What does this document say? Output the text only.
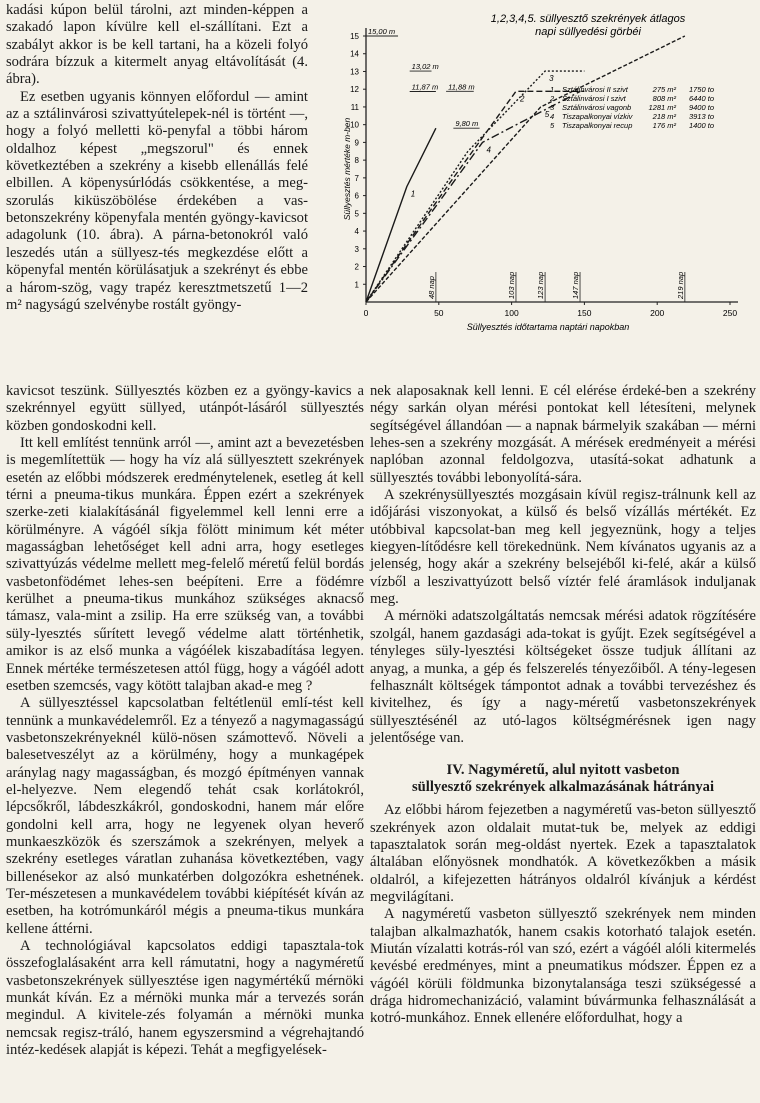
1,2,3,4,5. süllyesztő szekrények átlagos
napi süllyedési görbéi
15
14
13
12
11
10
9
8
7
6
5
4
3
2
1
0	50	100	150	200	250
Süllyesztés mértéke m-ben
Süllyesztés időtartama naptári napokban
15,00 m
13,02 m
11,87 m 11,88 m
9,80 m
1
2
3
4
5
48 nap	103 nap	123 nap	147 nap	219 nap
1 Sztálinvárosi II szivt	275 m² 1750 to
2 Sztálinvárosi I szivt	808 m² 6440 to
3 Sztálinvárosi vagonb 1281 m² 9400 to
4 Tiszapalkonyai vízkiv	218 m² 3913 to
5 Tiszapalkonyai recup	176 m² 1400 to

kadási kúpon belül tárolni, azt minden-képpen a szakadó lapon kívülre kell el-szállítani. Ezt a szabályt akkor is be kell tartani, ha a közeli folyó sodrára bízzuk a kitermelt anyag eltávolítását (4. ábra).

Ez esetben ugyanis könnyen előfordul — amint az a sztálinvárosi szivattyútelepek-nél is történt —, hogy a folyó melletti kö-penyfal a többi három oldalhoz képest „megszorul" és ennek következtében a szekrény a kisebb ellenállás felé elbillen. A köpenysúrlódás csökkentése, a meg-szorulás kiküszöbölése érdekében a vas-betonszekrény köpenyfala mentén gyöngy-kavicsot adagolunk (10. ábra). A párna-betonokról való leszedés után a süllyesz-tés megkezdése előtt a köpenyfal mentén körülásatjuk a szekrényt és ebbe a három-szög, vagy trapéz keresztmetszetű 1—2 m² nagyságú szelvénybe rostált gyöngy-

kavicsot teszünk. Süllyesztés közben ez a gyöngy-kavics a szekrénnyel együtt süllyed, utánpót-lásáról süllyesztés közben gondoskodni kell.

Itt kell említést tennünk arról —, amint azt a bevezetésben is megemlítettük — hogy ha víz alá süllyesztett szekrények esetén az előbbi módszerek eredménytelenek, esetleg át kell térni a pneuma-tikus munkára. Éppen ezért a szekrények szerke-zeti kialakításánál figyelemmel kell lenni erre a körülményre. A vágóél síkja fölött minimum két méter magasságban lehetőséget kell adni arra, hogy esetleges szivattyúzás védelme mellett meg-felelő méretű felül bordás vasbetonfödémet lehes-sen beépíteni. Erre a födémre kerülhet a pneuma-tikus munkához szükséges aknacső támasz, vala-mint a zsilip. Ha erre szükség van, a további süly-lyesztés sűrített levegő védelme alatt történhetik, amikor is az első munka a vágóélek kiszabadítása legyen. Ennek mértéke természetesen attól függ, hogy a vágóél adott esetben szemcsés, vagy kötött talajban akad-e meg ?

A süllyesztéssel kapcsolatban feltétlenül emlí-tést kell tennünk a munkavédelemről. Ez a tényező a nagymagasságú vasbetonszekrényeknél külö-nösen számottevő. Növeli a balesetveszélyt az a körülmény, hogy a munkagépek aránylag nagy magasságban, és mozgó építményen vannak el-helyezve. Nem elegendő tehát csak korlátokról, lépcsőkről, lábdeszkákról, gondoskodni, hanem már előre gondolni kell arra, hogy ne legyenek olyan heverő munkaeszközök és szerszámok a szekrényen, melyek a szekrény esetleges váratlan zuhanása következtében, vagy billenésekor az alsó munkatérben dolgozókra eshetnének. Ter-mészetesen a munkavédelem további kiépítését kíván az esetben, ha kotrómunkáról mégis a pneuma-tikus munkára kellene áttérni.

A technológiával kapcsolatos eddigi tapasztala-tok összefoglalásaként arra kell rámutatni, hogy a nagyméretű vasbetonszekrények süllyesztése igen nagymértékű mérnöki munkát kíván. Ez a mérnöki munka már a tervezés során megindul. A kivitele-zés folyamán a mérnöki munka nemcsak regisz-tráló, hanem egyszersmind a végrehajtandó intéz-kedések alapját is képezi. Tehát a megfigyelések-

nek alaposaknak kell lenni. E cél elérése érdeké-ben a szekrény négy sarkán olyan mérési pontokat kell létesíteni, melynek segítségével állandóan — a napnak bármelyik szakában — mérni lehes-sen a szekrény mozgását. A mérések eredményeit a mérési naplóban azonnal feldolgozva, utasítá-sokat adhatunk a süllyesztés további lebonyolítá-sára.

A szekrénysüllyesztés mozgásain kívül regisz-trálnunk kell az időjárási viszonyokat, a külső és belső vízállás mértékét. Ez utóbbival kapcsolat-ban meg kell jegyeznünk, hogy a teljes kiegyen-lítődésre kell törekednünk. Nem kívánatos ugyanis az a jelenség, hogy akár a szekrény belsejéből ki-felé, akár a külső vízből a leszivattyúzott belső víztér felé áramlások induljanak meg.

A mérnöki adatszolgáltatás nemcsak mérési adatok rögzítésére szolgál, hanem gazdasági ada-tokat is gyűjt. Ezek segítségével a tényleges süly-lyesztési költségeket össze tudjuk állítani az anyag, a munka, a gép és felszerelés tényezőiből. A tény-legesen felhasznált költségek támpontot adnak a további tervezéshez és kivitelhez, és így a nagy-méretű vasbetonszekrények süllyesztésénél az utó-lagos költségmérésnek igen nagy jelentősége van.

IV. Nagyméretű, alul nyitott vasbeton
süllyesztő szekrények alkalmazásának hátrányai

Az előbbi három fejezetben a nagyméretű vas-beton süllyesztő szekrények azon oldalait mutat-tuk be, melyek az eddigi tapasztalatok során meg-oldást nyertek. Ezek a tapasztalatok általában előnyösnek mondhatók. A következőkben a másik oldalról, a kifejezetten hátrányos oldalról kívánjuk a kérdést megvilágítani.

A nagyméretű vasbeton süllyesztő szekrények nem minden talajban alkalmazhatók, hanem csakis kotorható talajok esetén. Miután vízalatti kotrás-ról van szó, ezért a vágóél alóli kitermelés kevésbé eredményes, mint a pneumatikus módszer. Éppen ez a vágóél körüli földmunka bizonytalansága teszi szükségessé a drága hidromechanizáció, valamint búvármunka felhasználását a kotró-munkához. Ennek ellenére előfordulhat, hogy a
